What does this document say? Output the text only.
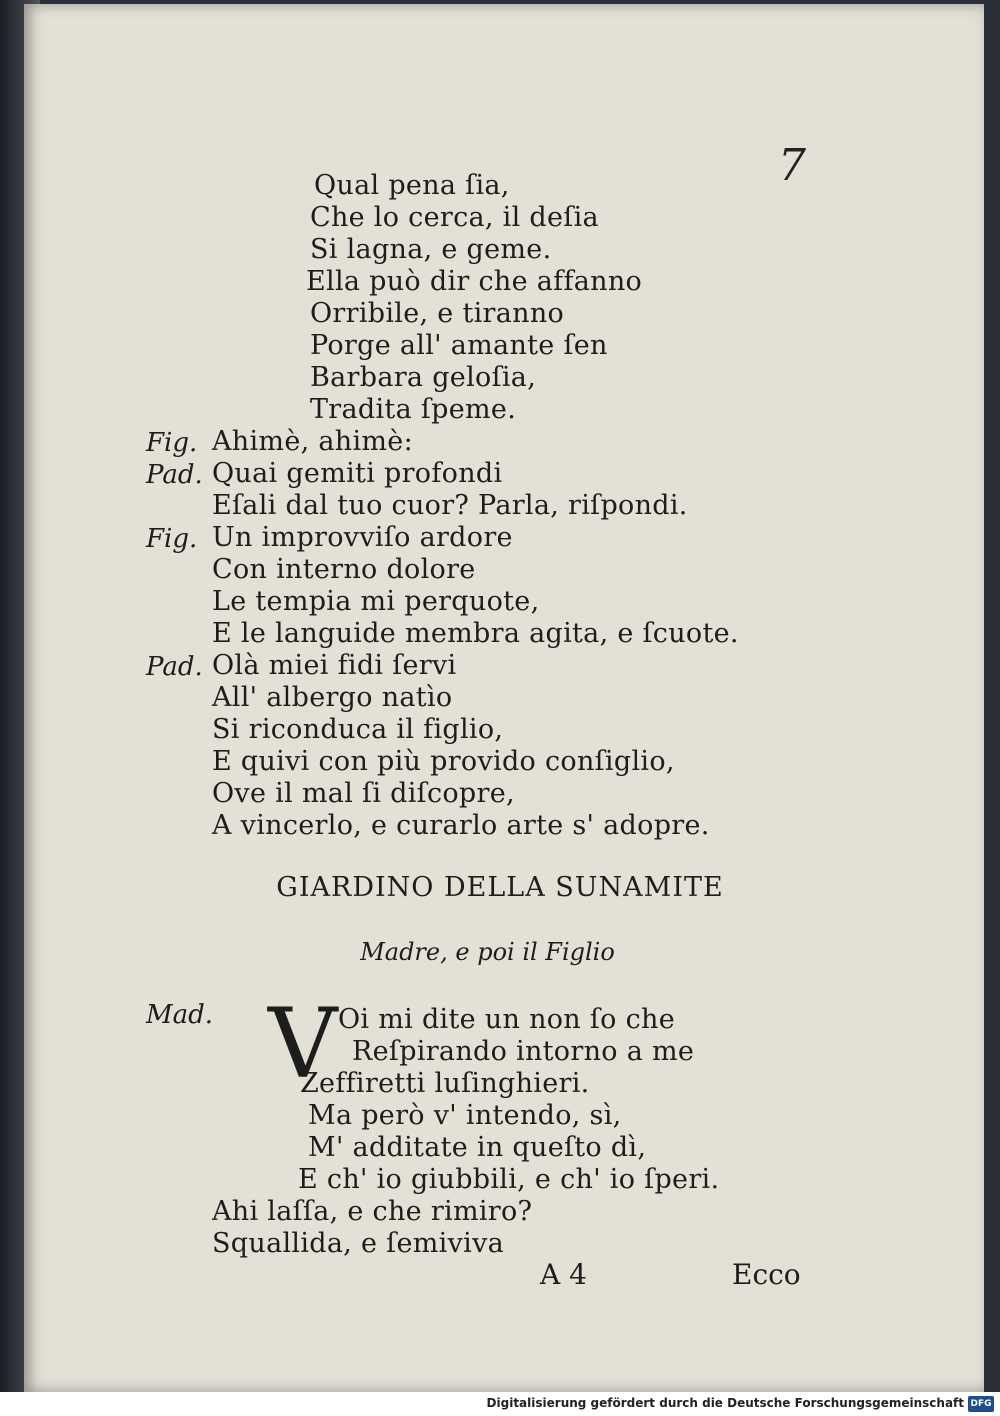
7
Qual pena ſia,
Che lo cerca, il deſia
Si lagna, e geme.
Ella può dir che affanno
Orribile, e tiranno
Porge all' amante ſen
Barbara geloſia,
Tradita ſpeme.
Fig. Ahimè, ahimè:
Pad. Quai gemiti profondi
Eſali dal tuo cuor? Parla, riſpondi.
Fig. Un improvviſo ardore
Con interno dolore
Le tempia mi perquote,
E le languide membra agita, e ſcuote.
Pad. Olà miei fidi ſervi
All' albergo natìo
Si riconduca il figlio,
E quivi con più provido conſiglio,
Ove il mal ſi diſcopre,
A vincerlo, e curarlo arte s' adopre.
GIARDINO DELLA SUNAMITE
Madre, e poi il Figlio
Mad. V Oi mi dite un non ſo che
Reſpirando intorno a me
Zeffiretti luſinghieri.
Ma però v' intendo, sì,
M' additate in queſto dì,
E ch' io giubbili, e ch' io ſperi.
Ahi laſſa, e che rimiro?
Squallida, e ſemiviva
A 4	Ecco
Digitalisierung gefördert durch die Deutsche Forschungsgemeinschaft DFG
